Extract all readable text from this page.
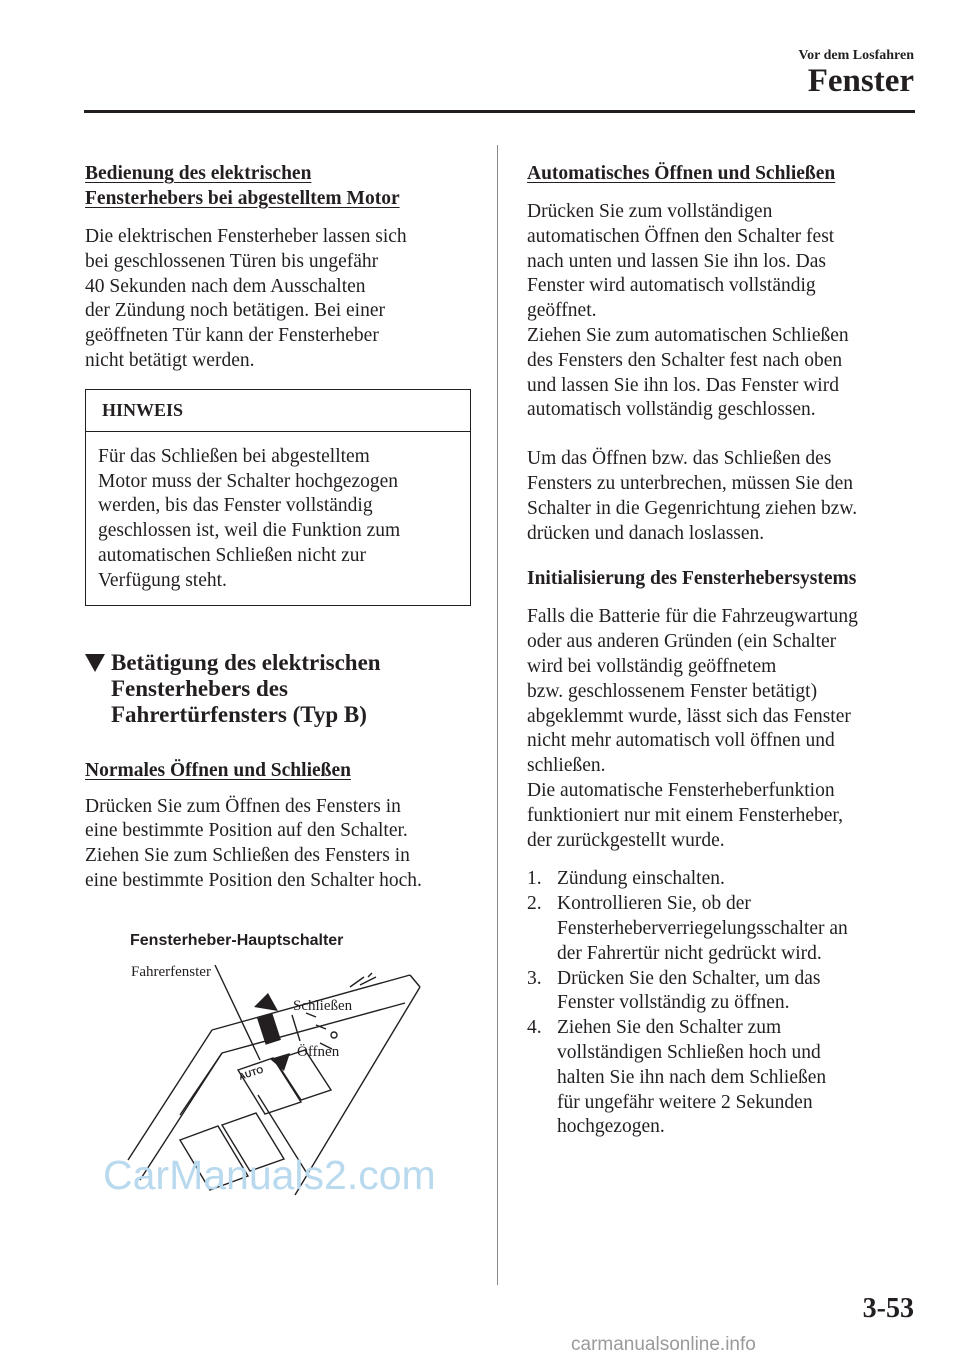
Vor dem Losfahren
Fenster
Bedienung des elektrischen
Fensterhebers bei abgestelltem Motor

Die elektrischen Fensterheber lassen sich
bei geschlossenen Türen bis ungefähr
40 Sekunden nach dem Ausschalten
der Zündung noch betätigen. Bei einer
geöffneten Tür kann der Fensterheber
nicht betätigt werden.

HINWEIS
Für das Schließen bei abgestelltem
Motor muss der Schalter hochgezogen
werden, bis das Fenster vollständig
geschlossen ist, weil die Funktion zum
automatischen Schließen nicht zur
Verfügung steht.
Betätigung des elektrischen
Fensterhebers des
Fahrertürfensters (Typ B)
Normales Öffnen und Schließen

Drücken Sie zum Öffnen des Fensters in
eine bestimmte Position auf den Schalter.
Ziehen Sie zum Schließen des Fensters in
eine bestimmte Position den Schalter hoch.

Fensterheber-Hauptschalter
Fahrerfenster
Schließen
Öffnen
AUTO
Automatisches Öffnen und Schließen

Drücken Sie zum vollständigen
automatischen Öffnen den Schalter fest
nach unten und lassen Sie ihn los. Das
Fenster wird automatisch vollständig
geöffnet.
Ziehen Sie zum automatischen Schließen
des Fensters den Schalter fest nach oben
und lassen Sie ihn los. Das Fenster wird
automatisch vollständig geschlossen.

Um das Öffnen bzw. das Schließen des
Fensters zu unterbrechen, müssen Sie den
Schalter in die Gegenrichtung ziehen bzw.
drücken und danach loslassen.

Initialisierung des Fensterhebersystems

Falls die Batterie für die Fahrzeugwartung
oder aus anderen Gründen (ein Schalter
wird bei vollständig geöffnetem
bzw. geschlossenem Fenster betätigt)
abgeklemmt wurde, lässt sich das Fenster
nicht mehr automatisch voll öffnen und
schließen.
Die automatische Fensterheberfunktion
funktioniert nur mit einem Fensterheber,
der zurückgestellt wurde.

1. Zündung einschalten.
2. Kontrollieren Sie, ob der
Fensterheberverriegelungsschalter an
der Fahrertür nicht gedrückt wird.
3. Drücken Sie den Schalter, um das
Fenster vollständig zu öffnen.
4. Ziehen Sie den Schalter zum
vollständigen Schließen hoch und
halten Sie ihn nach dem Schließen
für ungefähr weitere 2 Sekunden
hochgezogen.
CarManuals2.com
3-53
carmanualsonline.info
